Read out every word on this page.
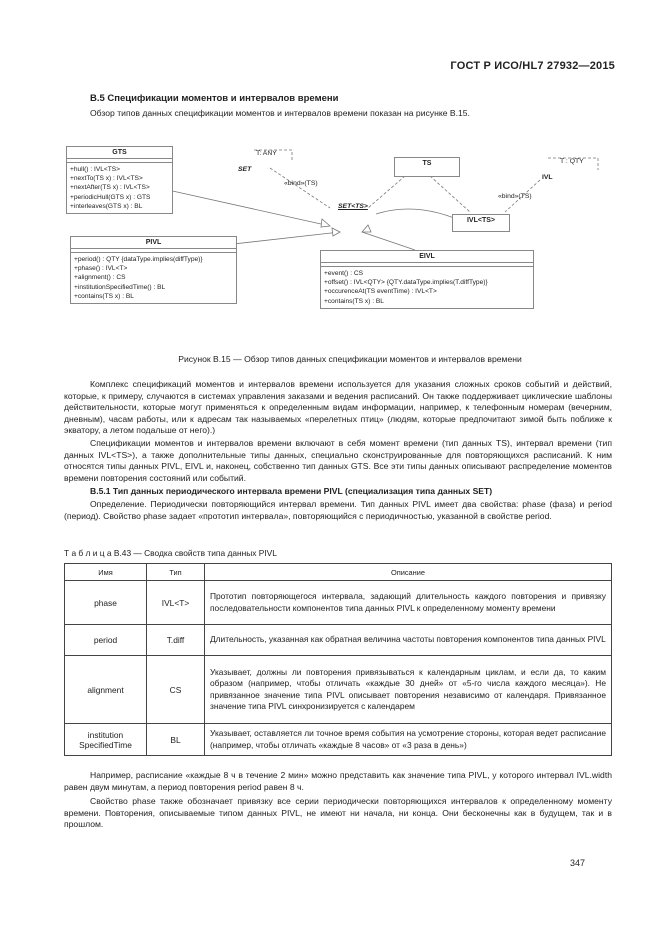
ГОСТ Р ИСО/HL7 27932—2015
В.5 Спецификации моментов и интервалов времени
Обзор типов данных спецификации моментов и интервалов времени показан на рисунке В.15.
GTS
+hull() : IVL<TS>
+nextTo(TS x) : IVL<TS>
+nextAfter(TS x) : IVL<TS>
+periodicHull(GTS x) : GTS
+interleaves(GTS x) : BL
PIVL
+period() : QTY {dataType.implies(diffType)}
+phase() : IVL<T>
+alignment() : CS
+institutionSpecifiedTime() : BL
+contains(TS x) : BL
EIVL
+event() : CS
+offset() : IVL<QTY> {QTY.dataType.implies(T.diffType)}
+occurenceAt(TS eventTime) : IVL<T>
+contains(TS x) : BL
TS
IVL<TS>
T: ANY
SET
«bind»(TS)
SET<TS>
T : QTY
IVL
«bind»(TS)
Рисунок В.15 — Обзор типов данных спецификации моментов и интервалов времени
Комплекс спецификаций моментов и интервалов времени используется для указания сложных сроков событий и действий, которые, к примеру, случаются в системах управления заказами и ведения расписаний. Он также поддерживает циклические шаблоны действительности, которые могут применяться к определенным видам информации, например, к телефонным номерам (вечерним, дневным), часам работы, или к адресам так называемых «перелетных птиц» (людям, которые предпочитают зимой быть поближе к экватору, а летом подальше от него).)
Спецификации моментов и интервалов времени включают в себя момент времени (тип данных TS), интервал времени (тип данных IVL<TS>), а также дополнительные типы данных, специально сконструированные для повторяющихся расписаний. К ним относятся типы данных PIVL, EIVL и, наконец, собственно тип данных GTS. Все эти типы данных описывают распределение моментов времени повторения состояний или событий.
В.5.1 Тип данных периодического интервала времени PIVL (специализация типа данных SET)
Определение. Периодически повторяющийся интервал времени. Тип данных PIVL имеет два свойства: phase (фаза) и period (период). Свойство phase задает «прототип интервала», повторяющийся с периодичностью, указанной в свойстве period.
Т а б л и ц а В.43 — Сводка свойств типа данных PIVL
Имя	Тип	Описание
phase	IVL<T>	Прототип повторяющегося интервала, задающий длительность каждого повторения и привязку последовательности компонентов типа данных PIVL к определенному моменту времени
period	T.diff	Длительность, указанная как обратная величина частоты повторения компонентов типа данных PIVL
alignment	CS	Указывает, должны ли повторения привязываться к календарным циклам, и если да, то каким образом (например, чтобы отличать «каждые 30 дней» от «5-го числа каждого месяца»). Не привязанное значение типа PIVL описывает повторения независимо от календаря. Привязанное значение типа PIVL синхронизируется с календарем
institution SpecifiedTime	BL	Указывает, оставляется ли точное время события на усмотрение стороны, которая ведет расписание (например, чтобы отличать «каждые 8 часов» от «3 раза в день»)
Например, расписание «каждые 8 ч в течение 2 мин» можно представить как значение типа PIVL, у которого интервал IVL.width равен двум минутам, а период повторения period равен 8 ч.
Свойство phase также обозначает привязку все серии периодически повторяющихся интервалов к определенному моменту времени. Повторения, описываемые типом данных PIVL, не имеют ни начала, ни конца. Они бесконечны как в будущем, так и в прошлом.
347
